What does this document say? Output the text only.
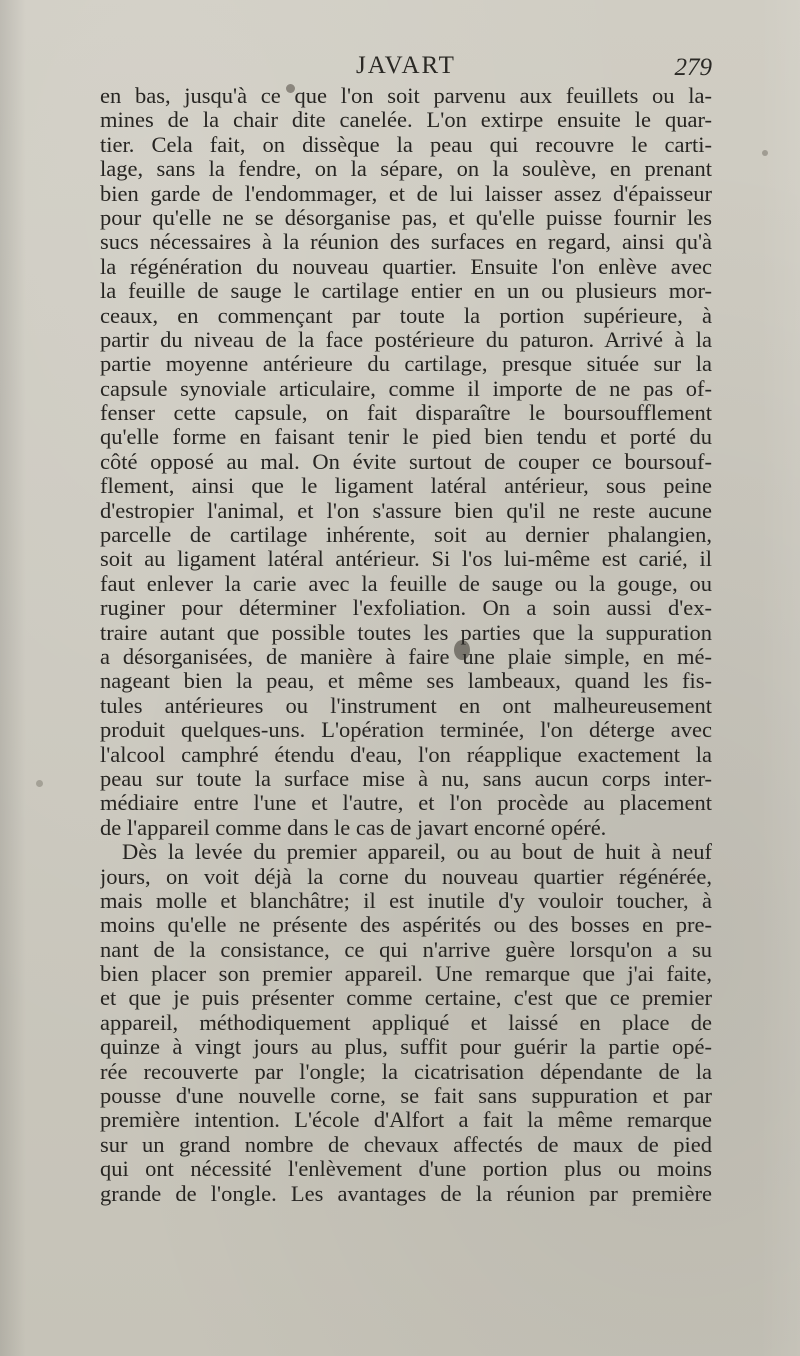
JAVART	279
en bas, jusqu'à ce que l'on soit parvenu aux feuillets ou la-
mines de la chair dite canelée. L'on extirpe ensuite le quar-
tier. Cela fait, on dissèque la peau qui recouvre le carti-
lage, sans la fendre, on la sépare, on la soulève, en prenant
bien garde de l'endommager, et de lui laisser assez d'épaisseur
pour qu'elle ne se désorganise pas, et qu'elle puisse fournir les
sucs nécessaires à la réunion des surfaces en regard, ainsi qu'à
la régénération du nouveau quartier. Ensuite l'on enlève avec
la feuille de sauge le cartilage entier en un ou plusieurs mor-
ceaux, en commençant par toute la portion supérieure, à
partir du niveau de la face postérieure du paturon. Arrivé à la
partie moyenne antérieure du cartilage, presque située sur la
capsule synoviale articulaire, comme il importe de ne pas of-
fenser cette capsule, on fait disparaître le boursoufflement
qu'elle forme en faisant tenir le pied bien tendu et porté du
côté opposé au mal. On évite surtout de couper ce boursouf-
flement, ainsi que le ligament latéral antérieur, sous peine
d'estropier l'animal, et l'on s'assure bien qu'il ne reste aucune
parcelle de cartilage inhérente, soit au dernier phalangien,
soit au ligament latéral antérieur. Si l'os lui-même est carié, il
faut enlever la carie avec la feuille de sauge ou la gouge, ou
ruginer pour déterminer l'exfoliation. On a soin aussi d'ex-
traire autant que possible toutes les parties que la suppuration
a désorganisées, de manière à faire une plaie simple, en mé-
nageant bien la peau, et même ses lambeaux, quand les fis-
tules antérieures ou l'instrument en ont malheureusement
produit quelques-uns. L'opération terminée, l'on déterge avec
l'alcool camphré étendu d'eau, l'on réapplique exactement la
peau sur toute la surface mise à nu, sans aucun corps inter-
médiaire entre l'une et l'autre, et l'on procède au placement
de l'appareil comme dans le cas de javart encorné opéré.
Dès la levée du premier appareil, ou au bout de huit à neuf
jours, on voit déjà la corne du nouveau quartier régénérée,
mais molle et blanchâtre; il est inutile d'y vouloir toucher, à
moins qu'elle ne présente des aspérités ou des bosses en pre-
nant de la consistance, ce qui n'arrive guère lorsqu'on a su
bien placer son premier appareil. Une remarque que j'ai faite,
et que je puis présenter comme certaine, c'est que ce premier
appareil, méthodiquement appliqué et laissé en place de
quinze à vingt jours au plus, suffit pour guérir la partie opé-
rée recouverte par l'ongle; la cicatrisation dépendante de la
pousse d'une nouvelle corne, se fait sans suppuration et par
première intention. L'école d'Alfort a fait la même remarque
sur un grand nombre de chevaux affectés de maux de pied
qui ont nécessité l'enlèvement d'une portion plus ou moins
grande de l'ongle. Les avantages de la réunion par première
